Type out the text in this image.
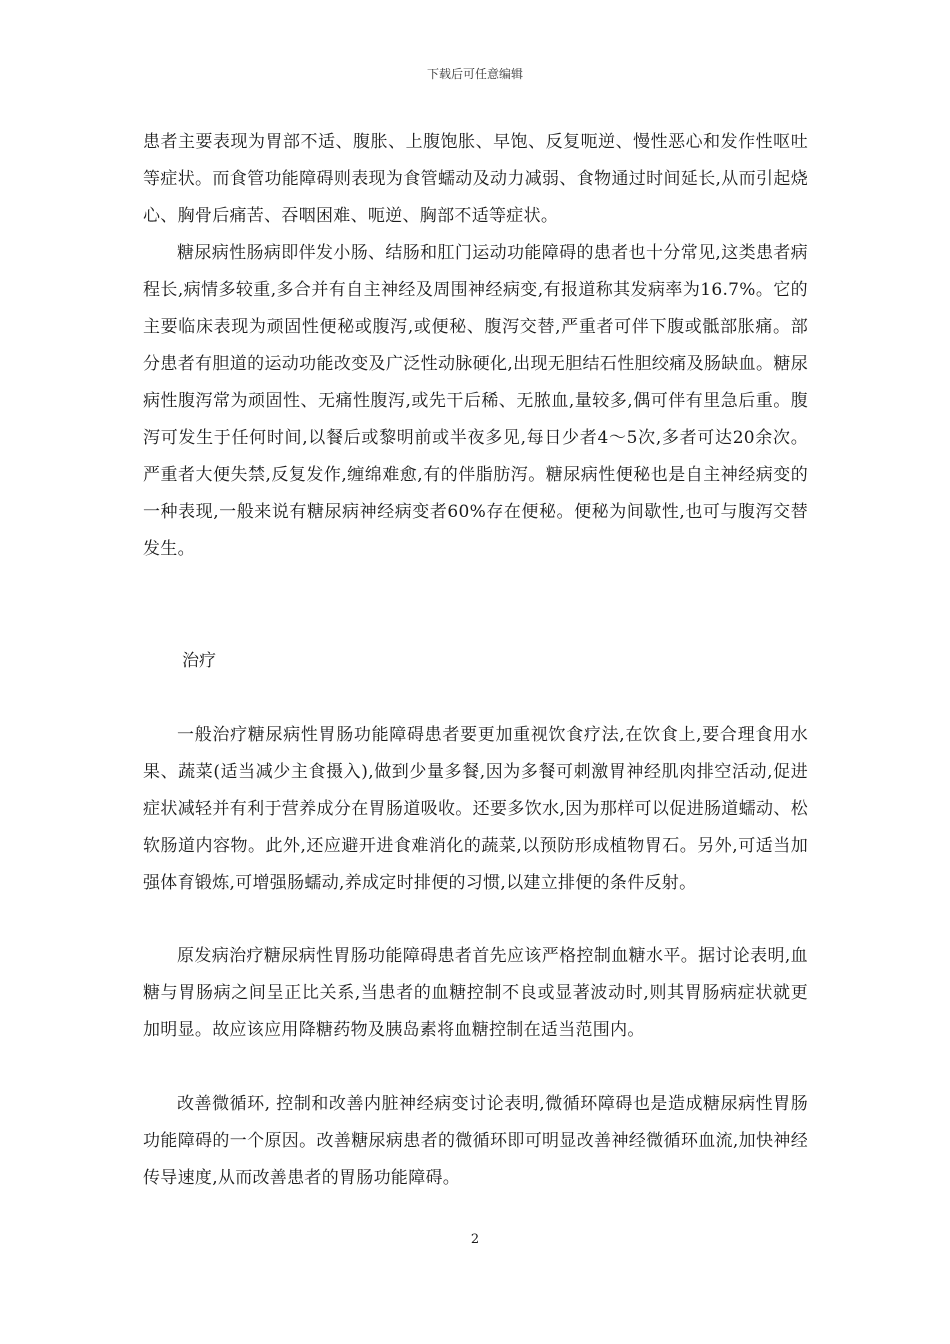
下载后可任意编辑

患者主要表现为胃部不适、腹胀、上腹饱胀、早饱、反复呃逆、慢性恶心和发作性呕吐等症状。而食管功能障碍则表现为食管蠕动及动力减弱、食物通过时间延长,从而引起烧心、胸骨后痛苦、吞咽困难、呃逆、胸部不适等症状。

糖尿病性肠病即伴发小肠、结肠和肛门运动功能障碍的患者也十分常见,这类患者病程长,病情多较重,多合并有自主神经及周围神经病变,有报道称其发病率为16.7%。它的主要临床表现为顽固性便秘或腹泻,或便秘、腹泻交替,严重者可伴下腹或骶部胀痛。部分患者有胆道的运动功能改变及广泛性动脉硬化,出现无胆结石性胆绞痛及肠缺血。糖尿病性腹泻常为顽固性、无痛性腹泻,或先干后稀、无脓血,量较多,偶可伴有里急后重。腹泻可发生于任何时间,以餐后或黎明前或半夜多见,每日少者4～5次,多者可达20余次。严重者大便失禁,反复发作,缠绵难愈,有的伴脂肪泻。糖尿病性便秘也是自主神经病变的一种表现,一般来说有糖尿病神经病变者60%存在便秘。便秘为间歇性,也可与腹泻交替发生。

治疗

一般治疗糖尿病性胃肠功能障碍患者要更加重视饮食疗法,在饮食上,要合理食用水果、蔬菜(适当减少主食摄入),做到少量多餐,因为多餐可刺激胃神经肌肉排空活动,促进症状减轻并有利于营养成分在胃肠道吸收。还要多饮水,因为那样可以促进肠道蠕动、松软肠道内容物。此外,还应避开进食难消化的蔬菜,以预防形成植物胃石。另外,可适当加强体育锻炼,可增强肠蠕动,养成定时排便的习惯,以建立排便的条件反射。

原发病治疗糖尿病性胃肠功能障碍患者首先应该严格控制血糖水平。据讨论表明,血糖与胃肠病之间呈正比关系,当患者的血糖控制不良或显著波动时,则其胃肠病症状就更加明显。故应该应用降糖药物及胰岛素将血糖控制在适当范围内。

改善微循环, 控制和改善内脏神经病变讨论表明,微循环障碍也是造成糖尿病性胃肠功能障碍的一个原因。改善糖尿病患者的微循环即可明显改善神经微循环血流,加快神经传导速度,从而改善患者的胃肠功能障碍。

2
